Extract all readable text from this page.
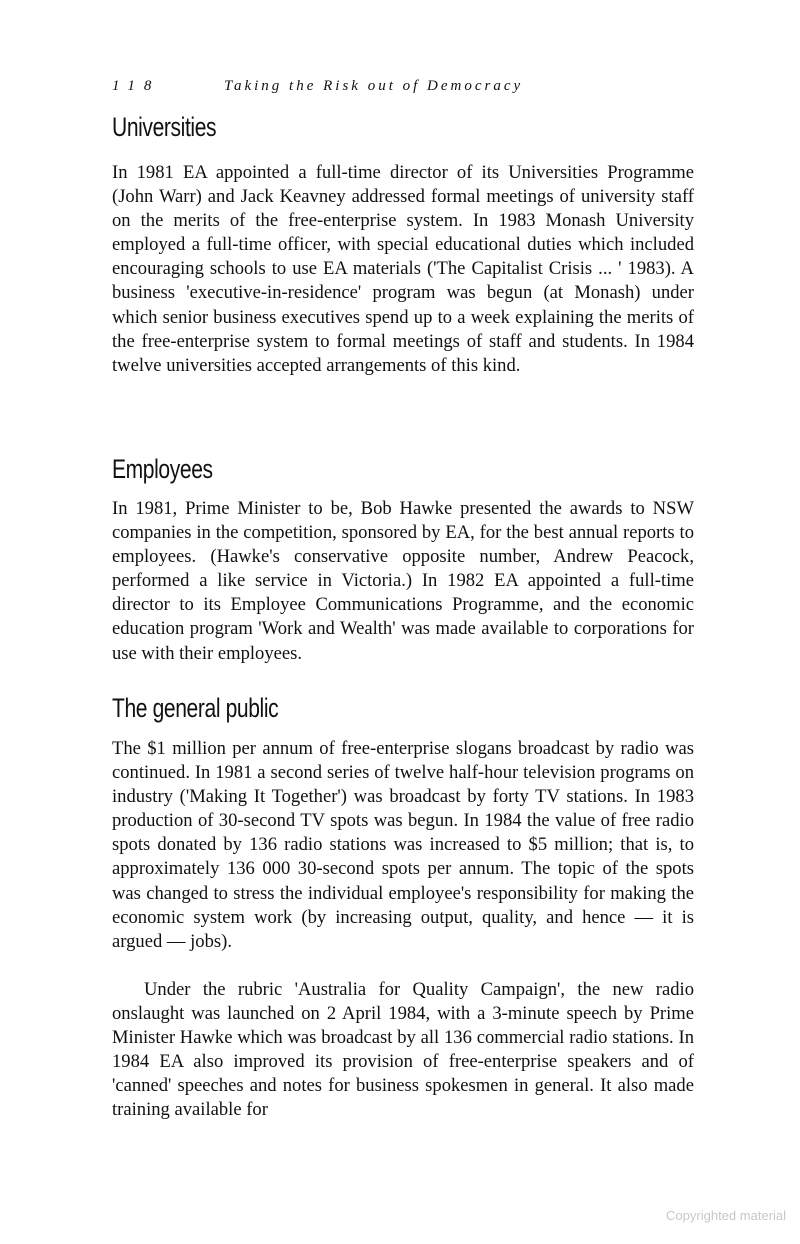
118	Taking the Risk out of Democracy
Universities

In 1981 EA appointed a full-time director of its Universities Programme (John Warr) and Jack Keavney addressed formal meetings of university staff on the merits of the free-enterprise system. In 1983 Monash University employed a full-time officer, with special educational duties which included encouraging schools to use EA materials ('The Capitalist Crisis ... ' 1983). A business 'executive-in-residence' program was begun (at Monash) under which senior business executives spend up to a week explaining the merits of the free-enterprise system to formal meetings of staff and students. In 1984 twelve universities accepted arrangements of this kind.

Employees

In 1981, Prime Minister to be, Bob Hawke presented the awards to NSW companies in the competition, sponsored by EA, for the best annual reports to employees. (Hawke's conservative opposite number, Andrew Peacock, performed a like service in Victoria.) In 1982 EA appointed a full-time director to its Employee Communications Programme, and the economic education program 'Work and Wealth' was made available to corporations for use with their employees.

The general public

The $1 million per annum of free-enterprise slogans broadcast by radio was continued. In 1981 a second series of twelve half-hour television programs on industry ('Making It Together') was broadcast by forty TV stations. In 1983 production of 30-second TV spots was begun. In 1984 the value of free radio spots donated by 136 radio stations was increased to $5 million; that is, to approximately 136 000 30-second spots per annum. The topic of the spots was changed to stress the individual employee's responsibility for making the economic system work (by increasing output, quality, and hence — it is argued — jobs).

Under the rubric 'Australia for Quality Campaign', the new radio onslaught was launched on 2 April 1984, with a 3-minute speech by Prime Minister Hawke which was broadcast by all 136 commercial radio stations. In 1984 EA also improved its provision of free-enterprise speakers and of 'canned' speeches and notes for business spokesmen in general. It also made training available for

Copyrighted material
